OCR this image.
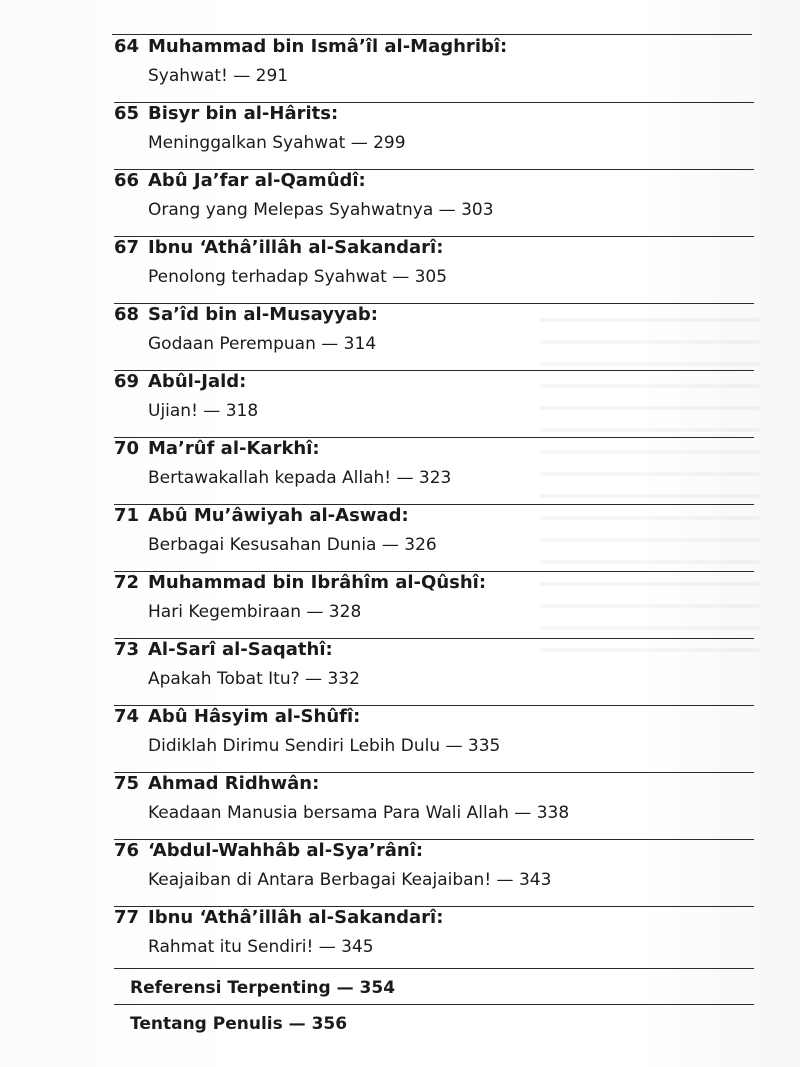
64 Muhammad bin Ismâ’îl al-Maghribî:
Syahwat! — 291
65 Bisyr bin al-Hârits:
Meninggalkan Syahwat — 299
66 Abû Ja’far al-Qamûdî:
Orang yang Melepas Syahwatnya — 303
67 Ibnu ‘Athâ’illâh al-Sakandarî:
Penolong terhadap Syahwat — 305
68 Sa’îd bin al-Musayyab:
Godaan Perempuan — 314
69 Abûl-Jald:
Ujian! — 318
70 Ma’rûf al-Karkhî:
Bertawakallah kepada Allah! — 323
71 Abû Mu’âwiyah al-Aswad:
Berbagai Kesusahan Dunia — 326
72 Muhammad bin Ibrâhîm al-Qûshî:
Hari Kegembiraan — 328
73 Al-Sarî al-Saqathî:
Apakah Tobat Itu? — 332
74 Abû Hâsyim al-Shûfî:
Didiklah Dirimu Sendiri Lebih Dulu — 335
75 Ahmad Ridhwân:
Keadaan Manusia bersama Para Wali Allah — 338
76 ‘Abdul-Wahhâb al-Sya’rânî:
Keajaiban di Antara Berbagai Keajaiban! — 343
77 Ibnu ‘Athâ’illâh al-Sakandarî:
Rahmat itu Sendiri! — 345
Referensi Terpenting — 354
Tentang Penulis — 356
